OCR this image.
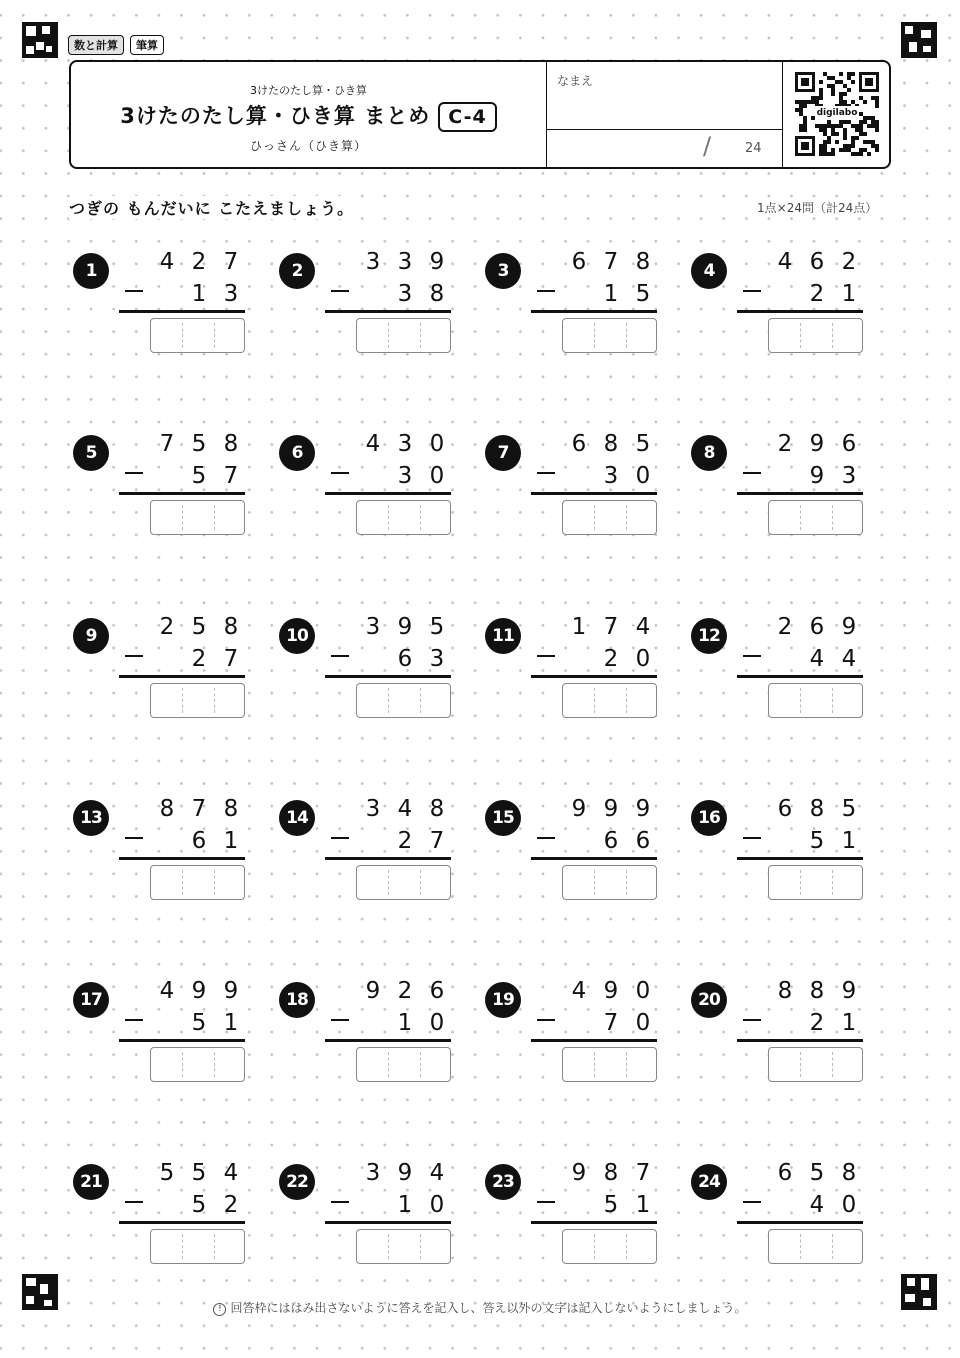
数と計算	筆算
3けたのたし算・ひき算
3けたのたし算・ひき算 まとめ C-4
ひっさん（ひき算）
なまえ
/	24
digilabo
つぎの もんだいに こたえましょう。	1点×24問（計24点）
1	4 2 7
1 3
2	3 3 9
3 8
3	6 7 8
1 5
4	4 6 2
2 1
5	7 5 8
5 7
6	4 3 0
3 0
7	6 8 5
3 0
8	2 9 6
9 3
9	2 5 8
2 7
10	3 9 5
6 3
11	1 7 4
2 0
12	2 6 9
4 4
13	8 7 8
6 1
14	3 4 8
2 7
15	9 9 9
6 6
16	6 8 5
5 1
17	4 9 9
5 1
18	9 2 6
1 0
19	4 9 0
7 0
20	8 8 9
2 1
21	5 5 4
5 2
22	3 9 4
1 0
23	9 8 7
5 1
24	6 5 8
4 0
! 回答枠にははみ出さないように答えを記入し、答え以外の文字は記入しないようにしましょう。
